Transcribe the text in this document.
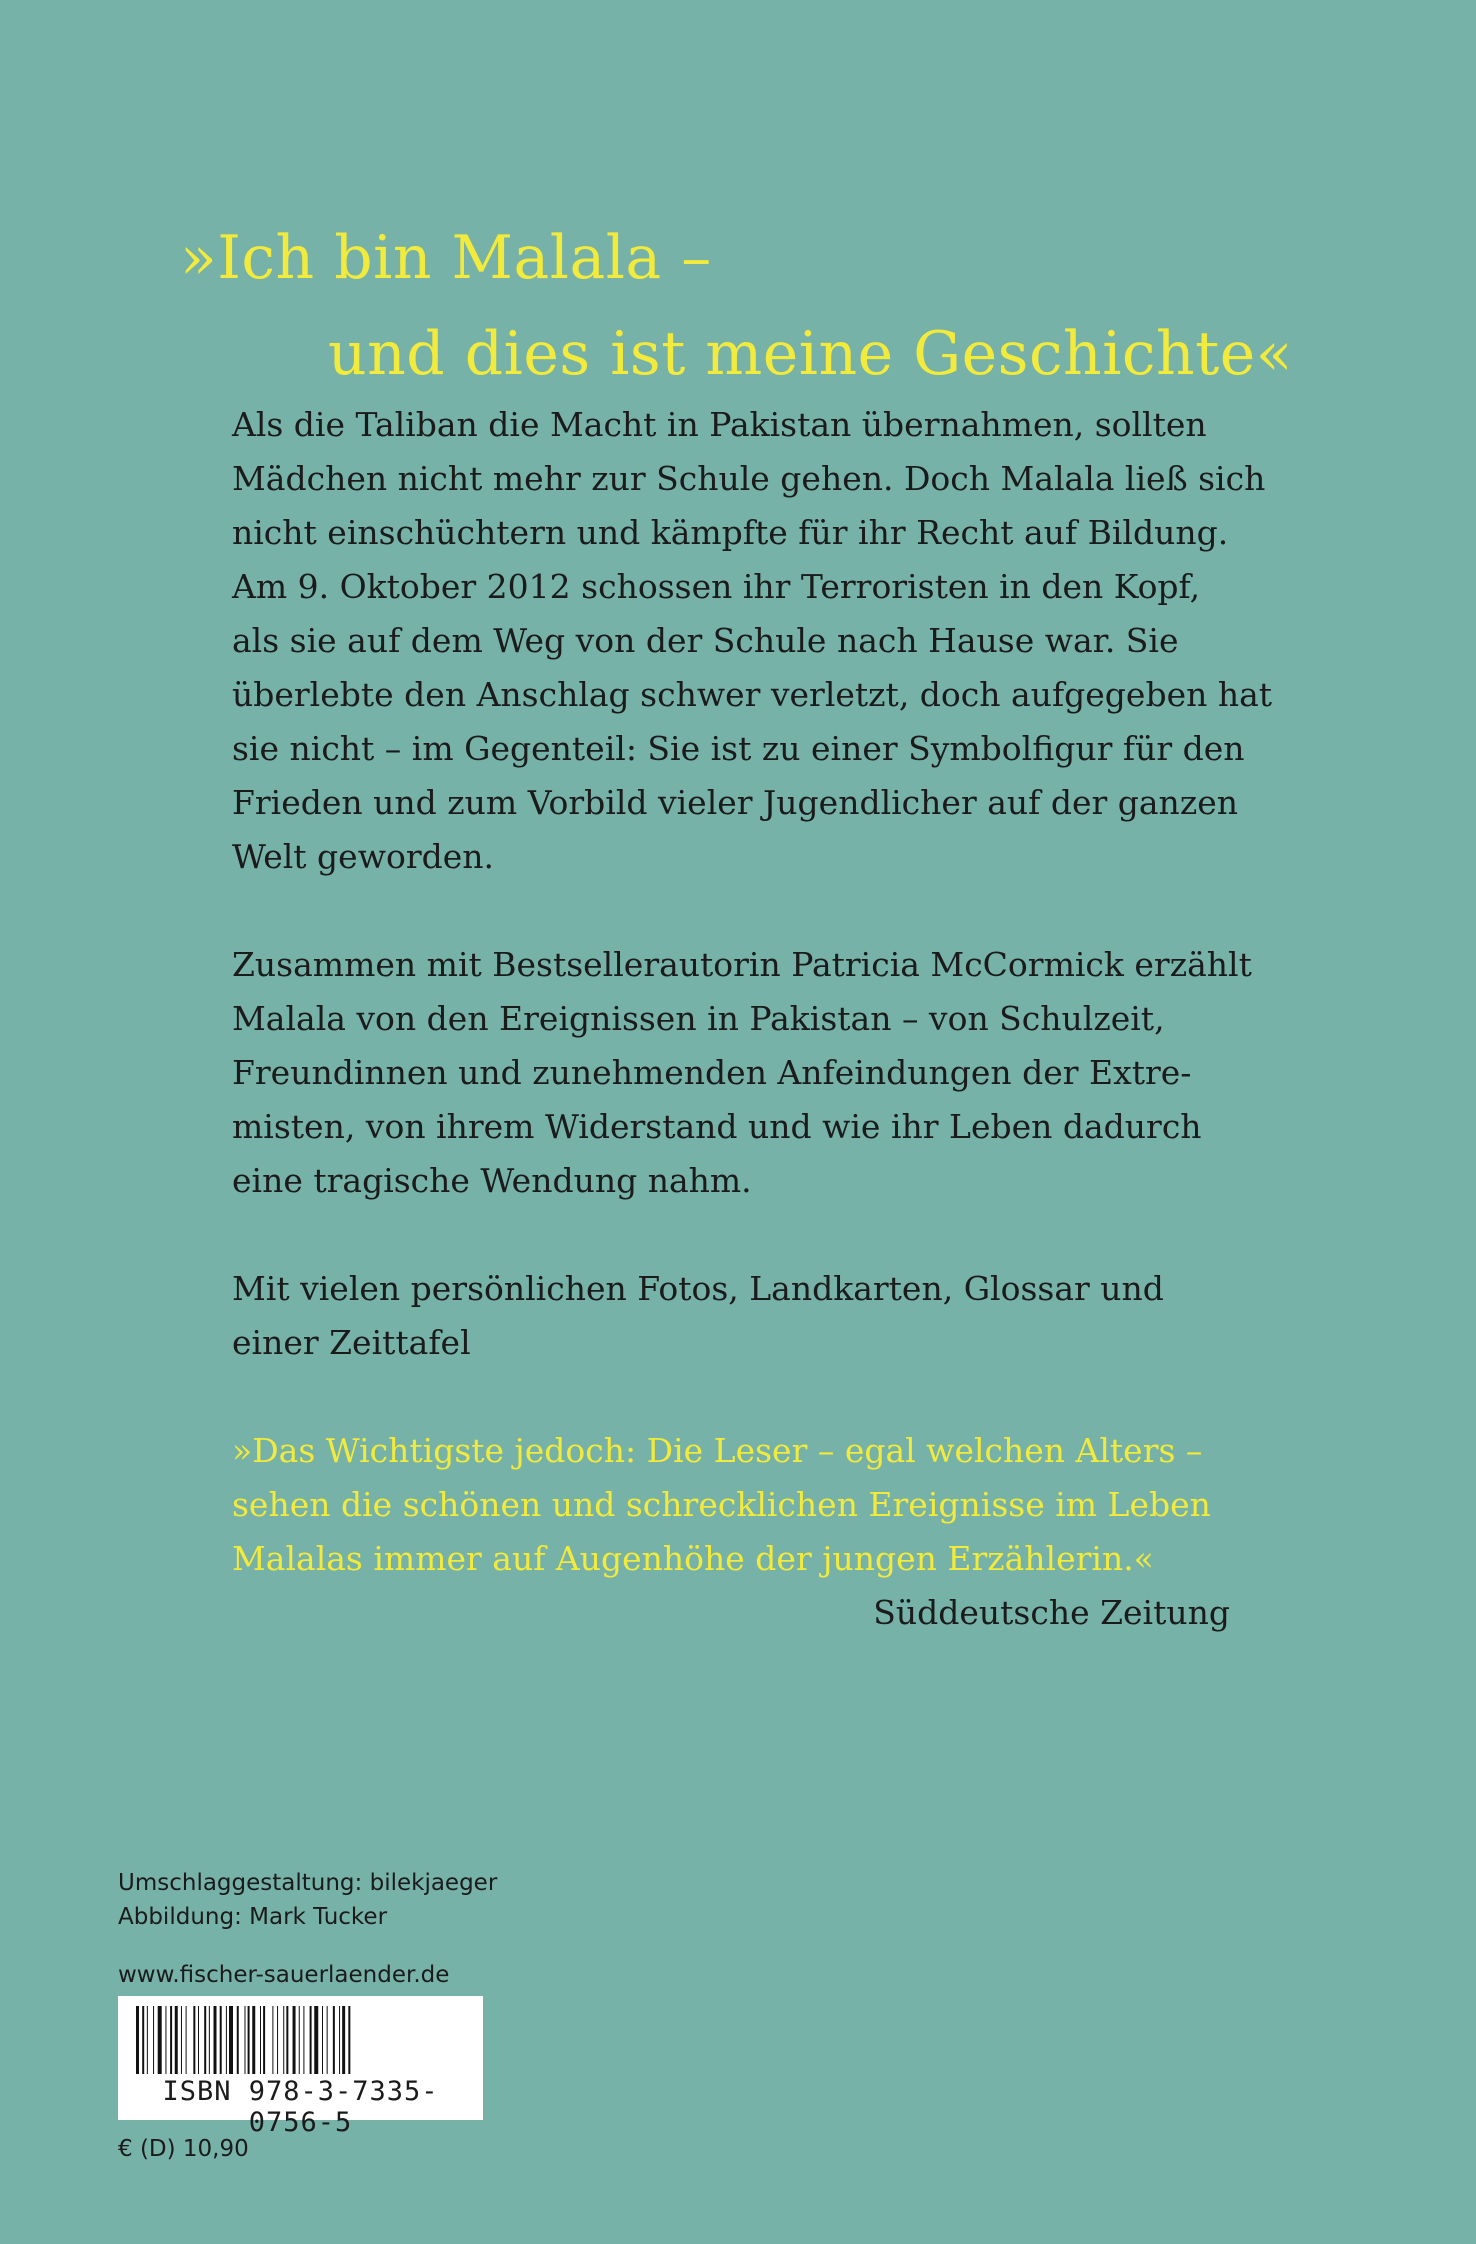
»Ich bin Malala –
und dies ist meine Geschichte«

Als die Taliban die Macht in Pakistan übernahmen, sollten
Mädchen nicht mehr zur Schule gehen. Doch Malala ließ sich
nicht einschüchtern und kämpfte für ihr Recht auf Bildung.
Am 9. Oktober 2012 schossen ihr Terroristen in den Kopf,
als sie auf dem Weg von der Schule nach Hause war. Sie
überlebte den Anschlag schwer verletzt, doch aufgegeben hat
sie nicht – im Gegenteil: Sie ist zu einer Symbolfigur für den
Frieden und zum Vorbild vieler Jugendlicher auf der ganzen
Welt geworden.

Zusammen mit Bestsellerautorin Patricia McCormick erzählt
Malala von den Ereignissen in Pakistan – von Schulzeit,
Freundinnen und zunehmenden Anfeindungen der Extre-
misten, von ihrem Widerstand und wie ihr Leben dadurch
eine tragische Wendung nahm.

Mit vielen persönlichen Fotos, Landkarten, Glossar und
einer Zeittafel

»Das Wichtigste jedoch: Die Leser – egal welchen Alters –
sehen die schönen und schrecklichen Ereignisse im Leben
Malalas immer auf Augenhöhe der jungen Erzählerin.«

Süddeutsche Zeitung

Umschlaggestaltung: bilekjaeger
Abbildung: Mark Tucker
www.fischer-sauerlaender.de
ISBN 978-3-7335-0756-5
€ (D) 10,90
